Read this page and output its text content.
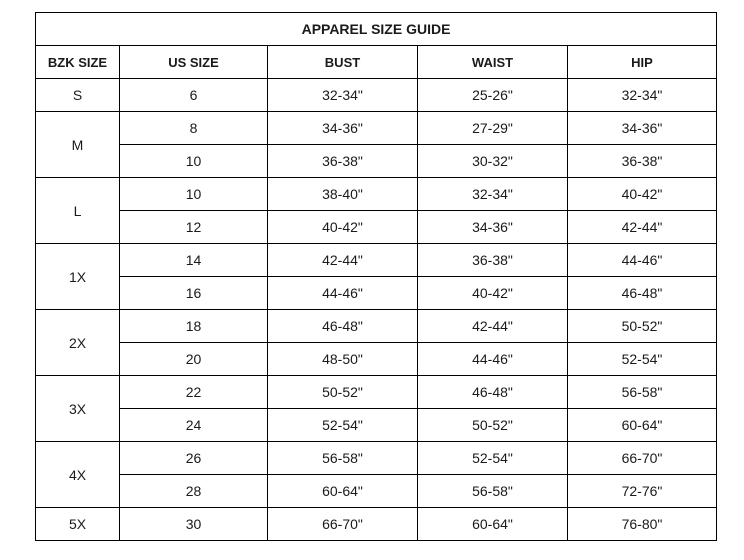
APPAREL SIZE GUIDE				
BZK SIZE	US SIZE	BUST	WAIST	HIP
S	6	32-34"	25-26"	32-34"
M	8	34-36"	27-29"	34-36"
	10	36-38"	30-32"	36-38"
L	10	38-40"	32-34"	40-42"
	12	40-42"	34-36"	42-44"
1X	14	42-44"	36-38"	44-46"
	16	44-46"	40-42"	46-48"
2X	18	46-48"	42-44"	50-52"
	20	48-50"	44-46"	52-54"
3X	22	50-52"	46-48"	56-58"
	24	52-54"	50-52"	60-64"
4X	26	56-58"	52-54"	66-70"
	28	60-64"	56-58"	72-76"
5X	30	66-70"	60-64"	76-80"
